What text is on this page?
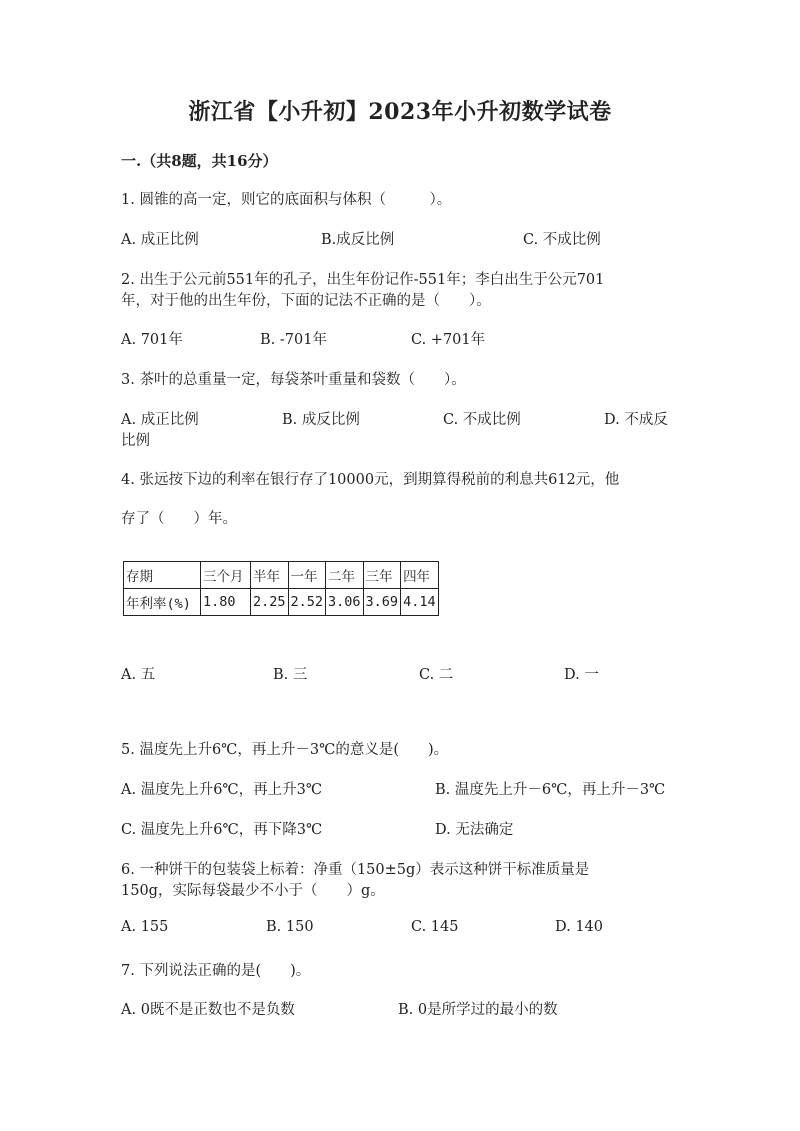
浙江省【小升初】2023年小升初数学试卷
一.（共8题，共16分）
1. 圆锥的高一定，则它的底面积与体积（　　　）。
A. 成正比例	B.成反比例	C. 不成比例
2. 出生于公元前551年的孔子，出生年份记作-551年；李白出生于公元701
年，对于他的出生年份，下面的记法不正确的是（　　）。
A. 701年	B. -701年	C. +701年
3. 茶叶的总重量一定，每袋茶叶重量和袋数（　　）。
A. 成正比例	B. 成反比例	C. 不成比例	D. 不成反
比例
4. 张远按下边的利率在银行存了10000元，到期算得税前的利息共612元，他
存了（　　）年。
存期	三个月	半年	一年	二年	三年	四年
年利率(%)	1.80	2.25	2.52	3.06	3.69	4.14
A. 五	B. 三	C. 二	D. 一
5. 温度先上升6℃，再上升－3℃的意义是(　　)。
A. 温度先上升6℃，再上升3℃	B. 温度先上升－6℃，再上升－3℃
C. 温度先上升6℃，再下降3℃	D. 无法确定
6. 一种饼干的包装袋上标着：净重（150±5g）表示这种饼干标准质量是
150g，实际每袋最少不小于（　　）g。
A. 155	B. 150	C. 145	D. 140
7. 下列说法正确的是(　　)。
A. 0既不是正数也不是负数	B. 0是所学过的最小的数
